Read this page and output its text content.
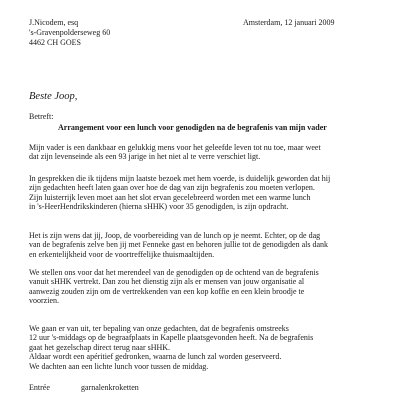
J.Nicodem, esq
's-Gravenpolderseweg 60
4462 CH GOES
Amsterdam, 12 januari 2009
Beste Joop,
Betreft:
Arrangement voor een lunch voor genodigden na de begrafenis van mijn vader
Mijn vader is een dankbaar en gelukkig mens voor het geleefde leven tot nu toe, maar weet
dat zijn levenseinde als een 93 jarige in het niet al te verre verschiet ligt.
In gesprekken die ik tijdens mijn laatste bezoek met hem voerde, is duidelijk geworden dat hij
zijn gedachten heeft laten gaan over hoe de dag van zijn begrafenis zou moeten verlopen.
Zijn luisterrijk leven moet aan het slot ervan gecelebreerd worden met een warme lunch
in 's-HeerHendrikskinderen (hierna sHHK) voor 35 genodigden, is zijn opdracht.
Het is zijn wens dat jij, Joop, de voorbereiding van de lunch op je neemt. Echter, op de dag
van de begrafenis zelve ben jij met Fenneke gast en behoren jullie tot de genodigden als dank
en erkentelijkheid voor de voortreffelijke thuismaaltijden.
We stellen ons voor dat het merendeel van de genodigden op de ochtend van de begrafenis
vanuit sHHK vertrekt. Dan zou het dienstig zijn als er mensen van jouw organisatie al
aanwezig zouden zijn om de vertrekkenden van een kop koffie en een klein broodje te
voorzien.
We gaan er van uit, ter bepaling van onze gedachten, dat de begrafenis omstreeks
12 uur 's-middags op de begraafplaats in Kapelle plaatsgevonden heeft. Na de begrafenis
gaat het gezelschap direct terug naar sHHK.
Aldaar wordt een apéritief gedronken, waarna de lunch zal worden geserveerd.
We dachten aan een lichte lunch voor tussen de middag.
Entrée	garnalenkroketten
